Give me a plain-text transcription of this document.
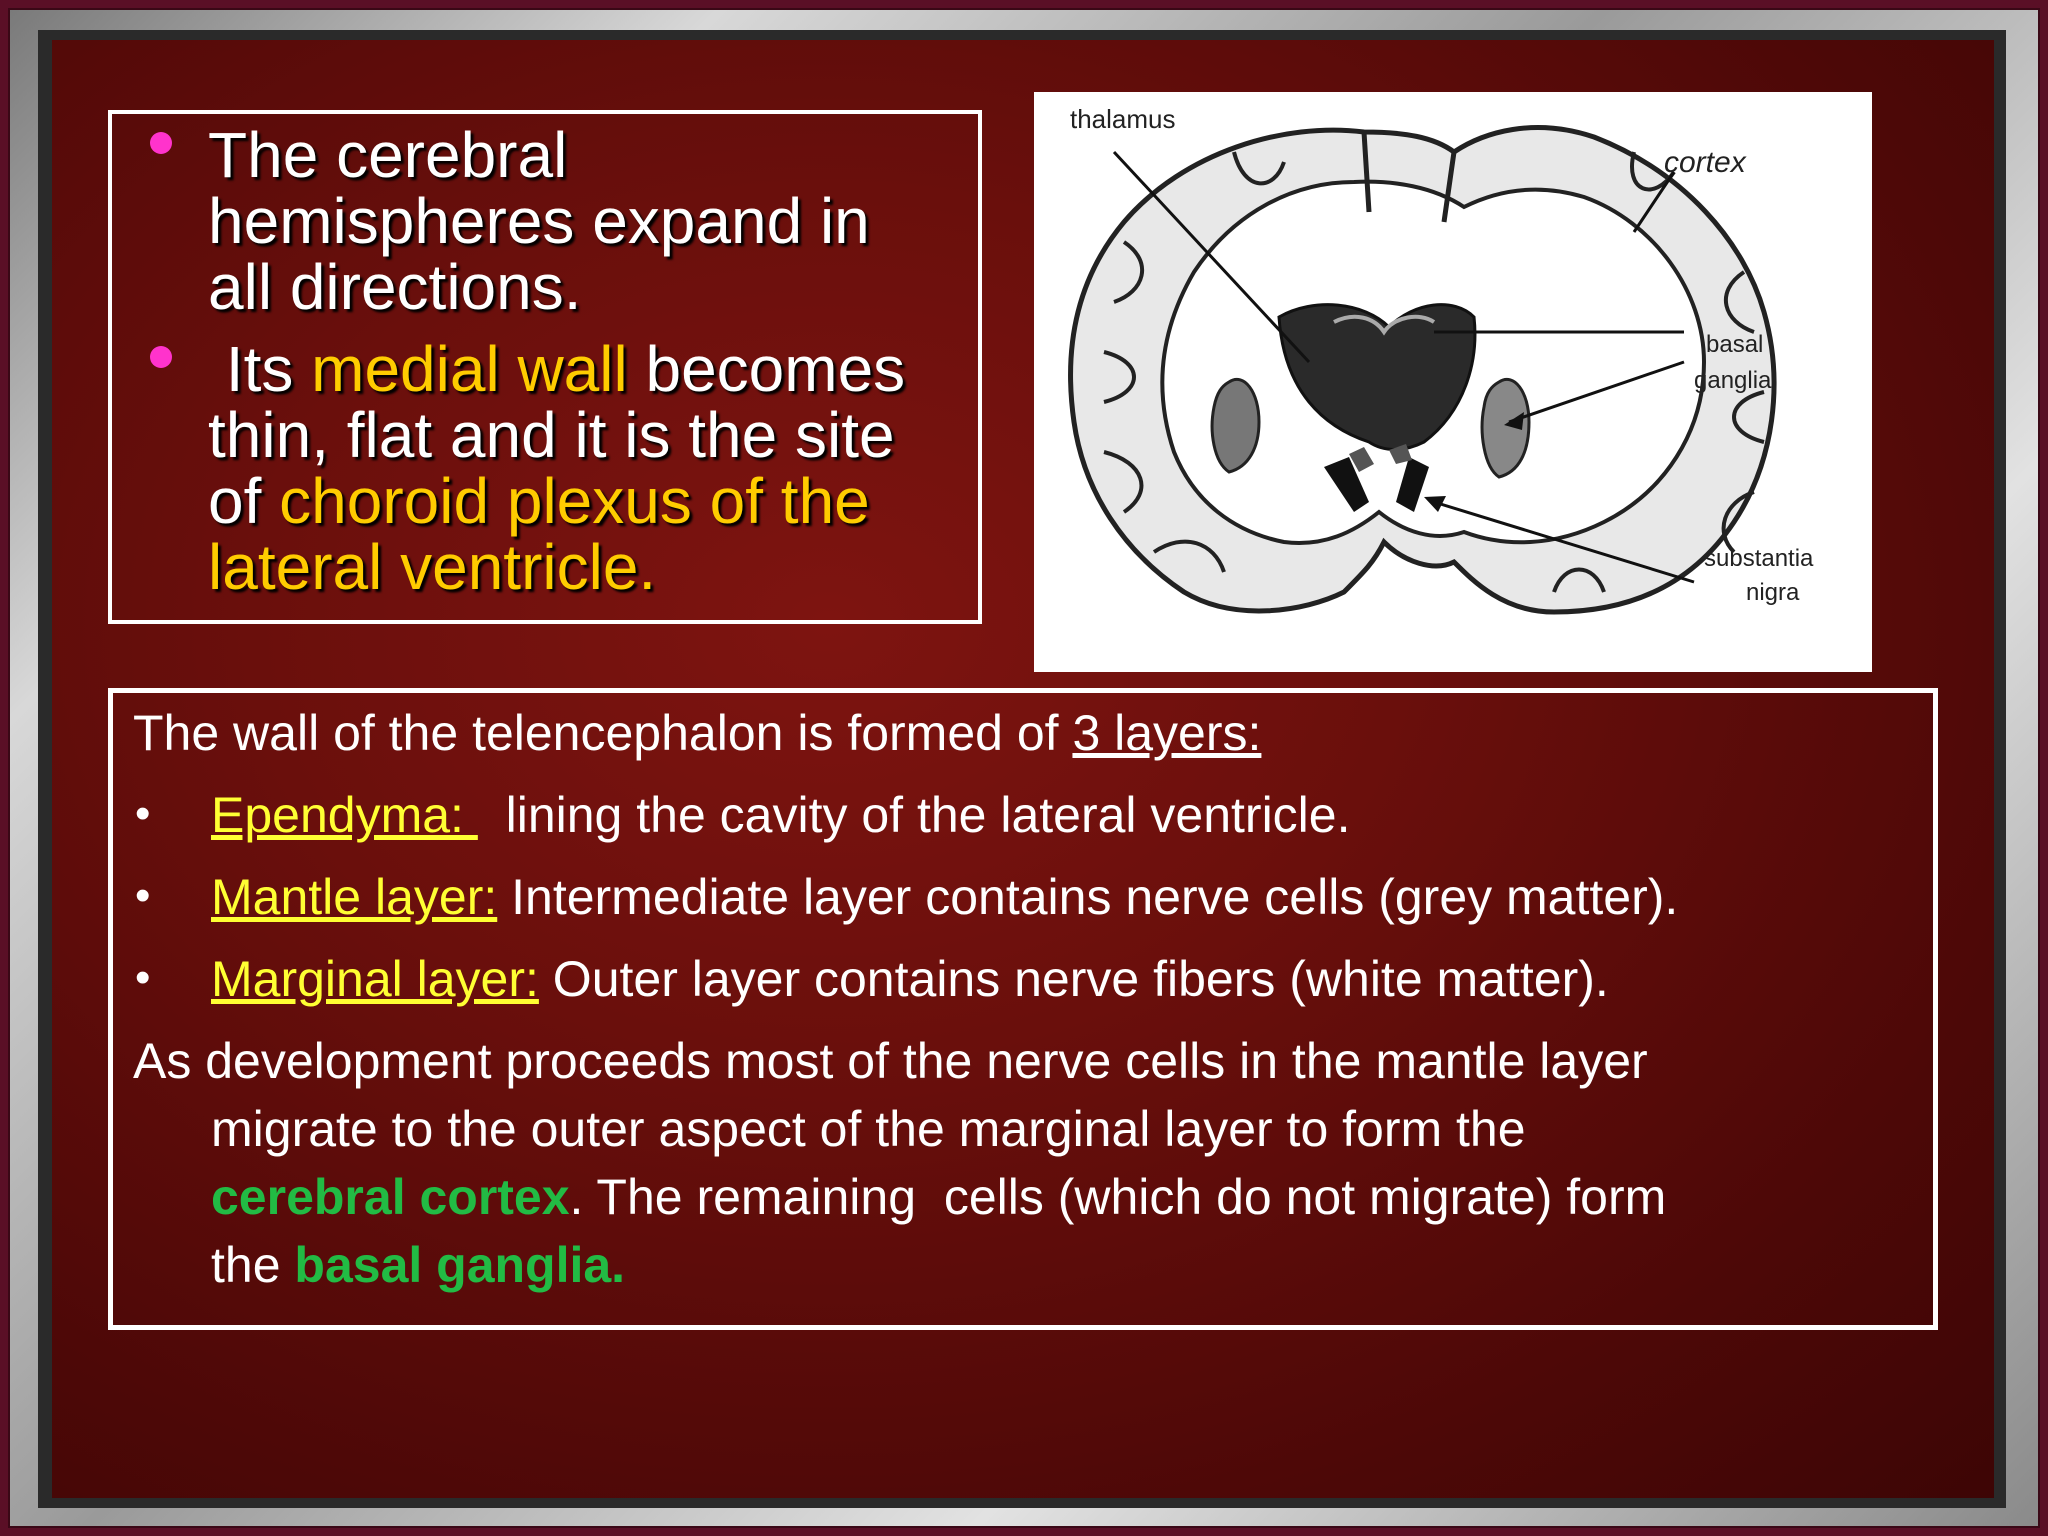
The cerebral
hemispheres expand in
all directions.
Its medial wall becomes
thin, flat and it is the site
of choroid plexus of the
lateral ventricle.
thalamus
cortex
basal
ganglia
substantia
nigra
The wall of the telencephalon is formed of 3 layers:
• Ependyma:   lining the cavity of the lateral ventricle.
• Mantle layer: Intermediate layer contains nerve cells (grey matter).
• Marginal layer: Outer layer contains nerve fibers (white matter).
As development proceeds most of the nerve cells in the mantle layer
migrate to the outer aspect of the marginal layer to form the
cerebral cortex. The remaining  cells (which do not migrate) form
the basal ganglia.
